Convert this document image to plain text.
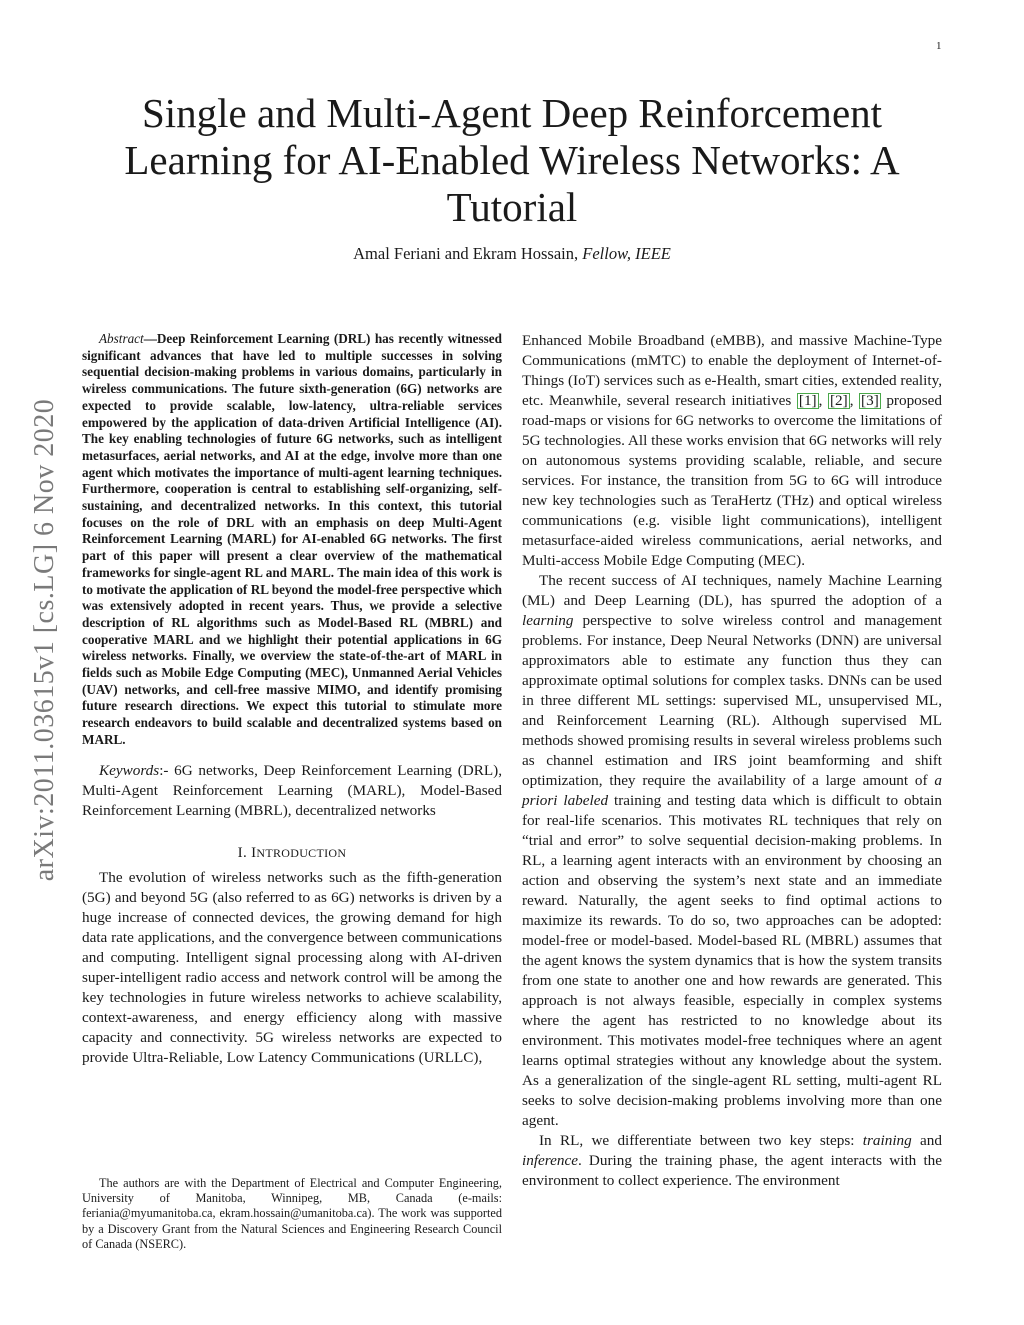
1
arXiv:2011.03615v1 [cs.LG] 6 Nov 2020
Single and Multi-Agent Deep Reinforcement Learning for AI-Enabled Wireless Networks: A Tutorial
Amal Feriani and Ekram Hossain, Fellow, IEEE

Abstract—Deep Reinforcement Learning (DRL) has recently witnessed significant advances that have led to multiple successes in solving sequential decision-making problems in various domains, particularly in wireless communications. The future sixth-generation (6G) networks are expected to provide scalable, low-latency, ultra-reliable services empowered by the application of data-driven Artificial Intelligence (AI). The key enabling technologies of future 6G networks, such as intelligent metasurfaces, aerial networks, and AI at the edge, involve more than one agent which motivates the importance of multi-agent learning techniques. Furthermore, cooperation is central to establishing self-organizing, self-sustaining, and decentralized networks. In this context, this tutorial focuses on the role of DRL with an emphasis on deep Multi-Agent Reinforcement Learning (MARL) for AI-enabled 6G networks. The first part of this paper will present a clear overview of the mathematical frameworks for single-agent RL and MARL. The main idea of this work is to motivate the application of RL beyond the model-free perspective which was extensively adopted in recent years. Thus, we provide a selective description of RL algorithms such as Model-Based RL (MBRL) and cooperative MARL and we highlight their potential applications in 6G wireless networks. Finally, we overview the state-of-the-art of MARL in fields such as Mobile Edge Computing (MEC), Unmanned Aerial Vehicles (UAV) networks, and cell-free massive MIMO, and identify promising future research directions. We expect this tutorial to stimulate more research endeavors to build scalable and decentralized systems based on MARL.

Keywords:- 6G networks, Deep Reinforcement Learning (DRL), Multi-Agent Reinforcement Learning (MARL), Model-Based Reinforcement Learning (MBRL), decentralized networks

I. INTRODUCTION

The evolution of wireless networks such as the fifth-generation (5G) and beyond 5G (also referred to as 6G) networks is driven by a huge increase of connected devices, the growing demand for high data rate applications, and the convergence between communications and computing. Intelligent signal processing along with AI-driven super-intelligent radio access and network control will be among the key technologies in future wireless networks to achieve scalability, context-awareness, and energy efficiency along with massive capacity and connectivity. 5G wireless networks are expected to provide Ultra-Reliable, Low Latency Communications (URLLC),

The authors are with the Department of Electrical and Computer Engineering, University of Manitoba, Winnipeg, MB, Canada (e-mails: feriania@myumanitoba.ca, ekram.hossain@umanitoba.ca). The work was supported by a Discovery Grant from the Natural Sciences and Engineering Research Council of Canada (NSERC).

Enhanced Mobile Broadband (eMBB), and massive Machine-Type Communications (mMTC) to enable the deployment of Internet-of-Things (IoT) services such as e-Health, smart cities, extended reality, etc. Meanwhile, several research initiatives [1] , [2] , [3] proposed road-maps or visions for 6G networks to overcome the limitations of 5G technologies. All these works envision that 6G networks will rely on autonomous systems providing scalable, reliable, and secure services. For instance, the transition from 5G to 6G will introduce new key technologies such as TeraHertz (THz) and optical wireless communications (e.g. visible light communications), intelligent metasurface-aided wireless communications, aerial networks, and Multi-access Mobile Edge Computing (MEC).

The recent success of AI techniques, namely Machine Learning (ML) and Deep Learning (DL), has spurred the adoption of a learning perspective to solve wireless control and management problems. For instance, Deep Neural Networks (DNN) are universal approximators able to estimate any function thus they can approximate optimal solutions for complex tasks. DNNs can be used in three different ML settings: supervised ML, unsupervised ML, and Reinforcement Learning (RL). Although supervised ML methods showed promising results in several wireless problems such as channel estimation and IRS joint beamforming and shift optimization, they require the availability of a large amount of a priori labeled training and testing data which is difficult to obtain for real-life scenarios. This motivates RL techniques that rely on “trial and error” to solve sequential decision-making problems. In RL, a learning agent interacts with an environment by choosing an action and observing the system’s next state and an immediate reward. Naturally, the agent seeks to find optimal actions to maximize its rewards. To do so, two approaches can be adopted: model-free or model-based. Model-based RL (MBRL) assumes that the agent knows the system dynamics that is how the system transits from one state to another one and how rewards are generated. This approach is not always feasible, especially in complex systems where the agent has restricted to no knowledge about its environment. This motivates model-free techniques where an agent learns optimal strategies without any knowledge about the system. As a generalization of the single-agent RL setting, multi-agent RL seeks to solve decision-making problems involving more than one agent.

In RL, we differentiate between two key steps: training and inference. During the training phase, the agent interacts with the environment to collect experience. The environment
